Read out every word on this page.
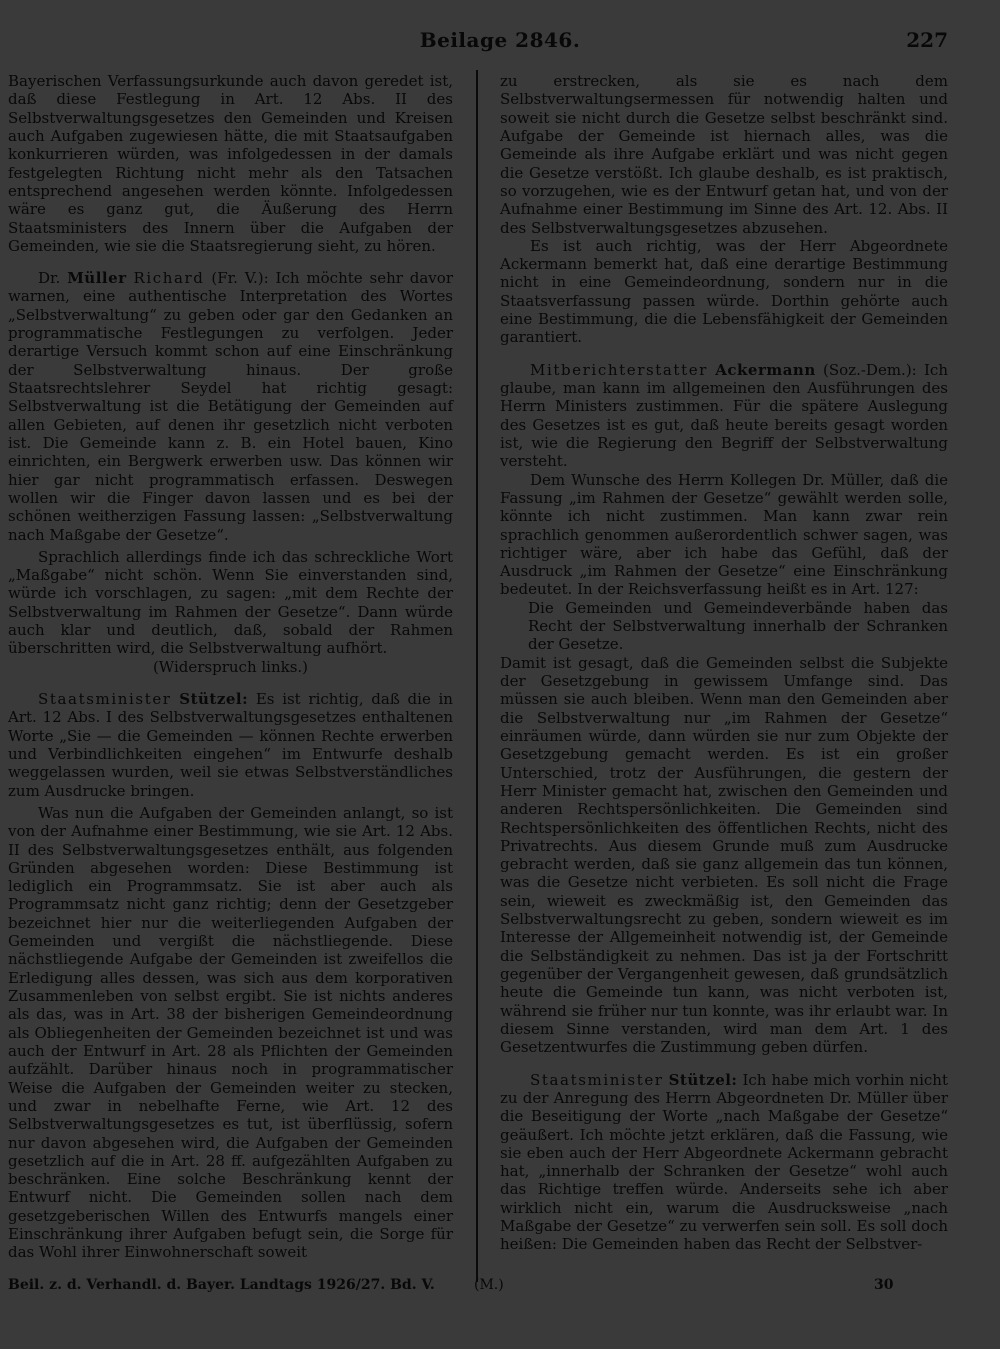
Beilage 2846.	227

Bayerischen Verfassungsurkunde auch davon geredet ist, daß diese Festlegung in Art. 12 Abs. II des Selbstverwaltungsgesetzes den Gemeinden und Kreisen auch Aufgaben zugewiesen hätte, die mit Staatsaufgaben konkurrieren würden, was infolgedessen in der damals festgelegten Richtung nicht mehr als den Tatsachen entsprechend angesehen werden könnte. Infolgedessen wäre es ganz gut, die Äußerung des Herrn Staatsministers des Innern über die Aufgaben der Gemeinden, wie sie die Staatsregierung sieht, zu hören.

Dr. Müller Richard (Fr. V.): Ich möchte sehr davor warnen, eine authentische Interpretation des Wortes „Selbstverwaltung“ zu geben oder gar den Gedanken an programmatische Festlegungen zu verfolgen. Jeder derartige Versuch kommt schon auf eine Einschränkung der Selbstverwaltung hinaus. Der große Staatsrechtslehrer Seydel hat richtig gesagt: Selbstverwaltung ist die Betätigung der Gemeinden auf allen Gebieten, auf denen ihr gesetzlich nicht verboten ist. Die Gemeinde kann z. B. ein Hotel bauen, Kino einrichten, ein Bergwerk erwerben usw. Das können wir hier gar nicht programmatisch erfassen. Deswegen wollen wir die Finger davon lassen und es bei der schönen weitherzigen Fassung lassen: „Selbstverwaltung nach Maßgabe der Gesetze“.

Sprachlich allerdings finde ich das schreckliche Wort „Maßgabe“ nicht schön. Wenn Sie einverstanden sind, würde ich vorschlagen, zu sagen: „mit dem Rechte der Selbstverwaltung im Rahmen der Gesetze“. Dann würde auch klar und deutlich, daß, sobald der Rahmen überschritten wird, die Selbstverwaltung aufhört.

(Widerspruch links.)

Staatsminister Stützel: Es ist richtig, daß die in Art. 12 Abs. I des Selbstverwaltungsgesetzes enthaltenen Worte „Sie — die Gemeinden — können Rechte erwerben und Verbindlichkeiten eingehen“ im Entwurfe deshalb weggelassen wurden, weil sie etwas Selbstverständliches zum Ausdrucke bringen.

Was nun die Aufgaben der Gemeinden anlangt, so ist von der Aufnahme einer Bestimmung, wie sie Art. 12 Abs. II des Selbstverwaltungsgesetzes enthält, aus folgenden Gründen abgesehen worden: Diese Bestimmung ist lediglich ein Programmsatz. Sie ist aber auch als Programmsatz nicht ganz richtig; denn der Gesetzgeber bezeichnet hier nur die weiterliegenden Aufgaben der Gemeinden und vergißt die nächstliegende. Diese nächstliegende Aufgabe der Gemeinden ist zweifellos die Erledigung alles dessen, was sich aus dem korporativen Zusammenleben von selbst ergibt. Sie ist nichts anderes als das, was in Art. 38 der bisherigen Gemeindeordnung als Obliegenheiten der Gemeinden bezeichnet ist und was auch der Entwurf in Art. 28 als Pflichten der Gemeinden aufzählt. Darüber hinaus noch in programmatischer Weise die Aufgaben der Gemeinden weiter zu stecken, und zwar in nebelhafte Ferne, wie Art. 12 des Selbstverwaltungsgesetzes es tut, ist überflüssig, sofern nur davon abgesehen wird, die Aufgaben der Gemeinden gesetzlich auf die in Art. 28 ff. aufgezählten Aufgaben zu beschränken. Eine solche Beschränkung kennt der Entwurf nicht. Die Gemeinden sollen nach dem gesetzgeberischen Willen des Entwurfs mangels einer Einschränkung ihrer Aufgaben befugt sein, die Sorge für das Wohl ihrer Einwohnerschaft soweit

zu erstrecken, als sie es nach dem Selbstverwaltungsermessen für notwendig halten und soweit sie nicht durch die Gesetze selbst beschränkt sind. Aufgabe der Gemeinde ist hiernach alles, was die Gemeinde als ihre Aufgabe erklärt und was nicht gegen die Gesetze verstößt. Ich glaube deshalb, es ist praktisch, so vorzugehen, wie es der Entwurf getan hat, und von der Aufnahme einer Bestimmung im Sinne des Art. 12. Abs. II des Selbstverwaltungsgesetzes abzusehen.

Es ist auch richtig, was der Herr Abgeordnete Ackermann bemerkt hat, daß eine derartige Bestimmung nicht in eine Gemeindeordnung, sondern nur in die Staatsverfassung passen würde. Dorthin gehörte auch eine Bestimmung, die die Lebensfähigkeit der Gemeinden garantiert.

Mitberichterstatter Ackermann (Soz.-Dem.): Ich glaube, man kann im allgemeinen den Ausführungen des Herrn Ministers zustimmen. Für die spätere Auslegung des Gesetzes ist es gut, daß heute bereits gesagt worden ist, wie die Regierung den Begriff der Selbstverwaltung versteht.

Dem Wunsche des Herrn Kollegen Dr. Müller, daß die Fassung „im Rahmen der Gesetze“ gewählt werden solle, könnte ich nicht zustimmen. Man kann zwar rein sprachlich genommen außerordentlich schwer sagen, was richtiger wäre, aber ich habe das Gefühl, daß der Ausdruck „im Rahmen der Gesetze“ eine Einschränkung bedeutet. In der Reichsverfassung heißt es in Art. 127:

Die Gemeinden und Gemeindeverbände haben das Recht der Selbstverwaltung innerhalb der Schranken der Gesetze.

Damit ist gesagt, daß die Gemeinden selbst die Subjekte der Gesetzgebung in gewissem Umfange sind. Das müssen sie auch bleiben. Wenn man den Gemeinden aber die Selbstverwaltung nur „im Rahmen der Gesetze“ einräumen würde, dann würden sie nur zum Objekte der Gesetzgebung gemacht werden. Es ist ein großer Unterschied, trotz der Ausführungen, die gestern der Herr Minister gemacht hat, zwischen den Gemeinden und anderen Rechtspersönlichkeiten. Die Gemeinden sind Rechtspersönlichkeiten des öffentlichen Rechts, nicht des Privatrechts. Aus diesem Grunde muß zum Ausdrucke gebracht werden, daß sie ganz allgemein das tun können, was die Gesetze nicht verbieten. Es soll nicht die Frage sein, wieweit es zweckmäßig ist, den Gemeinden das Selbstverwaltungsrecht zu geben, sondern wieweit es im Interesse der Allgemeinheit notwendig ist, der Gemeinde die Selbständigkeit zu nehmen. Das ist ja der Fortschritt gegenüber der Vergangenheit gewesen, daß grundsätzlich heute die Gemeinde tun kann, was nicht verboten ist, während sie früher nur tun konnte, was ihr erlaubt war. In diesem Sinne verstanden, wird man dem Art. 1 des Gesetzentwurfes die Zustimmung geben dürfen.

Staatsminister Stützel: Ich habe mich vorhin nicht zu der Anregung des Herrn Abgeordneten Dr. Müller über die Beseitigung der Worte „nach Maßgabe der Gesetze“ geäußert. Ich möchte jetzt erklären, daß die Fassung, wie sie eben auch der Herr Abgeordnete Ackermann gebracht hat, „innerhalb der Schranken der Gesetze“ wohl auch das Richtige treffen würde. Anderseits sehe ich aber wirklich nicht ein, warum die Ausdrucksweise „nach Maßgabe der Gesetze“ zu verwerfen sein soll. Es soll doch heißen: Die Gemeinden haben das Recht der Selbstver-

Beil. z. d. Verhandl. d. Bayer. Landtags 1926/27. Bd. V.	(M.)	30
